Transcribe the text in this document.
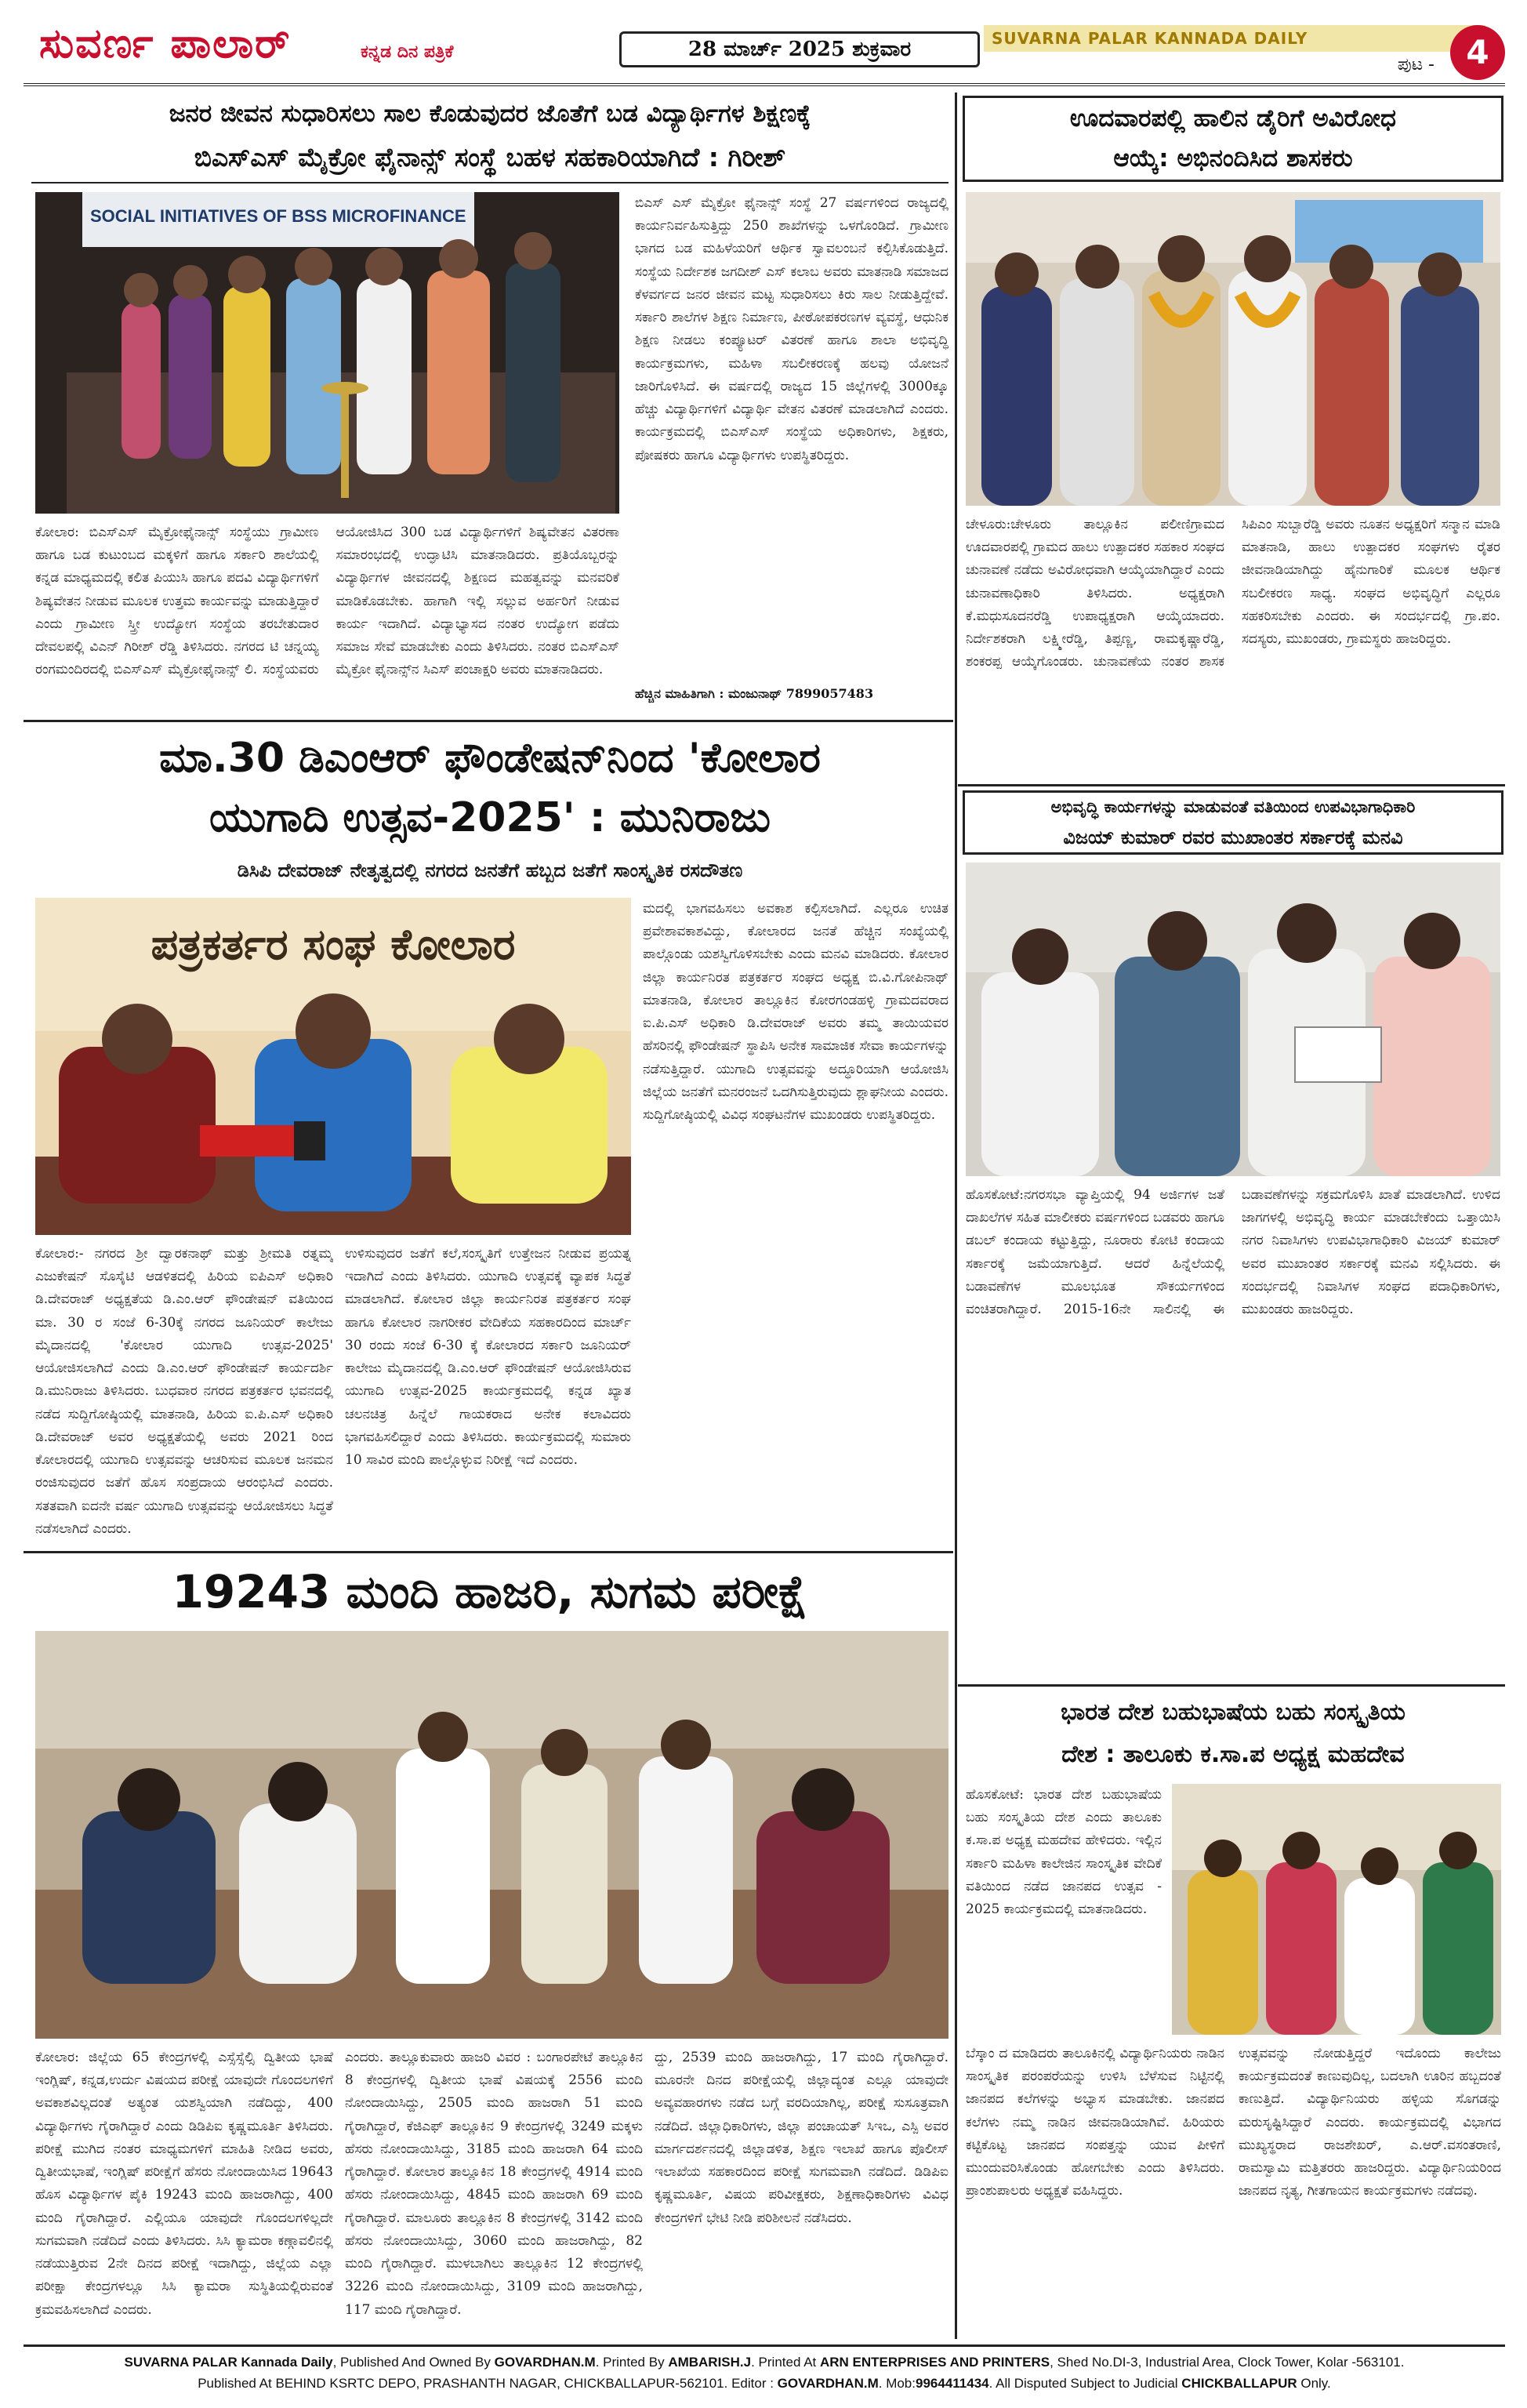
ಸುವರ್ಣ ಪಾಲಾರ್	ಕನ್ನಡ ದಿನ ಪತ್ರಿಕೆ	28 ಮಾರ್ಚ್ 2025 ಶುಕ್ರವಾರ	SUVARNA PALAR KANNADA DAILY
ಪುಟ - 4
ಜನರ ಜೀವನ ಸುಧಾರಿಸಲು ಸಾಲ ಕೊಡುವುದರ ಜೊತೆಗೆ ಬಡ ವಿದ್ಯಾರ್ಥಿಗಳ ಶಿಕ್ಷಣಕ್ಕೆ
ಬಿಎಸ್ಎಸ್ ಮೈಕ್ರೋ ಫೈನಾನ್ಸ್ ಸಂಸ್ಥೆ ಬಹಳ ಸಹಕಾರಿಯಾಗಿದೆ : ಗಿರೀಶ್
SOCIAL INITIATIVES OF BSS MICROFINANCE
ಕೋಲಾರ: ಬಿಎಸ್‌ಎಸ್ ಮೈಕ್ರೋಫೈನಾನ್ಸ್ ಸಂಸ್ಥೆಯು ಗ್ರಾಮೀಣ ಹಾಗೂ ಬಡ ಕುಟುಂಬದ ಮಕ್ಕಳಿಗೆ ಹಾಗೂ ಸರ್ಕಾರಿ ಶಾಲೆಯಲ್ಲಿ ಕನ್ನಡ ಮಾಧ್ಯಮದಲ್ಲಿ ಕಲಿತ ಪಿಯುಸಿ ಹಾಗೂ ಪದವಿ ವಿದ್ಯಾರ್ಥಿಗಳಿಗೆ ಶಿಷ್ಯವೇತನ ನೀಡುವ ಮೂಲಕ ಉತ್ತಮ ಕಾರ್ಯವನ್ನು ಮಾಡುತ್ತಿದ್ದಾರೆ ಎಂದು ಗ್ರಾಮೀಣ ಸ್ತ್ರೀ ಉದ್ಯೋಗ ಸಂಸ್ಥೆಯ ತರಬೇತುದಾರ ದೇವಲಪಲ್ಲಿ ವಿಎನ್ ಗಿರೀಶ್ ರೆಡ್ಡಿ ತಿಳಿಸಿದರು. ನಗರದ ಟಿ ಚನ್ನಯ್ಯ ರಂಗಮಂದಿರದಲ್ಲಿ ಬಿಎಸ್‌ಎಸ್ ಮೈಕ್ರೋಫೈನಾನ್ಸ್ ಲಿ. ಸಂಸ್ಥೆಯವರು ಆಯೋಜಿಸಿದ 300 ಬಡ ವಿದ್ಯಾರ್ಥಿಗಳಿಗೆ ಶಿಷ್ಯವೇತನ ವಿತರಣಾ ಸಮಾರಂಭದಲ್ಲಿ ಉದ್ಘಾಟಿಸಿ ಮಾತನಾಡಿದರು. ಪ್ರತಿಯೊಬ್ಬರನ್ನು ವಿದ್ಯಾರ್ಥಿಗಳ ಜೀವನದಲ್ಲಿ ಶಿಕ್ಷಣದ ಮಹತ್ವವನ್ನು ಮನವರಿಕೆ ಮಾಡಿಕೊಡಬೇಕು. ಹಾಗಾಗಿ ಇಲ್ಲಿ ಸಲ್ಲುವ ಅರ್ಹರಿಗೆ ನೀಡುವ ಕಾರ್ಯ ಇದಾಗಿದೆ. ವಿದ್ಯಾಭ್ಯಾಸದ ನಂತರ ಉದ್ಯೋಗ ಪಡೆದು ಸಮಾಜ ಸೇವೆ ಮಾಡಬೇಕು ಎಂದು ತಿಳಿಸಿದರು. ನಂತರ ಬಿಎಸ್‌ಎಸ್ ಮೈಕ್ರೋ ಫೈನಾನ್ಸ್‌ನ ಸಿಎಸ್ ಪಂಚಾಕ್ಷರಿ ಅವರು ಮಾತನಾಡಿದರು.
ಬಿಎಸ್ ಎಸ್ ಮೈಕ್ರೋ ಫೈನಾನ್ಸ್ ಸಂಸ್ಥೆ 27 ವರ್ಷಗಳಿಂದ ರಾಜ್ಯದಲ್ಲಿ ಕಾರ್ಯನಿರ್ವಹಿಸುತ್ತಿದ್ದು 250 ಶಾಖೆಗಳನ್ನು ಒಳಗೊಂಡಿದೆ. ಗ್ರಾಮೀಣ ಭಾಗದ ಬಡ ಮಹಿಳೆಯರಿಗೆ ಆರ್ಥಿಕ ಸ್ವಾವಲಂಬನೆ ಕಲ್ಪಿಸಿಕೊಡುತ್ತಿದೆ. ಸಂಸ್ಥೆಯ ನಿರ್ದೇಶಕ ಜಗದೀಶ್ ಎಸ್ ಕಲಾಬ ಅವರು ಮಾತನಾಡಿ ಸಮಾಜದ ಕೆಳವರ್ಗದ ಜನರ ಜೀವನ ಮಟ್ಟ ಸುಧಾರಿಸಲು ಕಿರು ಸಾಲ ನೀಡುತ್ತಿದ್ದೇವೆ. ಸರ್ಕಾರಿ ಶಾಲೆಗಳ ಶಿಕ್ಷಣ ನಿರ್ಮಾಣ, ಪೀಠೋಪಕರಣಗಳ ವ್ಯವಸ್ಥೆ, ಆಧುನಿಕ ಶಿಕ್ಷಣ ನೀಡಲು ಕಂಪ್ಯೂಟರ್ ವಿತರಣೆ ಹಾಗೂ ಶಾಲಾ ಅಭಿವೃದ್ಧಿ ಕಾರ್ಯಕ್ರಮಗಳು, ಮಹಿಳಾ ಸಬಲೀಕರಣಕ್ಕೆ ಹಲವು ಯೋಜನೆ ಜಾರಿಗೊಳಿಸಿದೆ. ಈ ವರ್ಷದಲ್ಲಿ ರಾಜ್ಯದ 15 ಜಿಲ್ಲೆಗಳಲ್ಲಿ 3000ಕ್ಕೂ ಹೆಚ್ಚು ವಿದ್ಯಾರ್ಥಿಗಳಿಗೆ ವಿದ್ಯಾರ್ಥಿ ವೇತನ ವಿತರಣೆ ಮಾಡಲಾಗಿದೆ ಎಂದರು. ಕಾರ್ಯಕ್ರಮದಲ್ಲಿ ಬಿಎಸ್‌ಎಸ್ ಸಂಸ್ಥೆಯ ಅಧಿಕಾರಿಗಳು, ಶಿಕ್ಷಕರು, ಪೋಷಕರು ಹಾಗೂ ವಿದ್ಯಾರ್ಥಿಗಳು ಉಪಸ್ಥಿತರಿದ್ದರು.
ಹೆಚ್ಚಿನ ಮಾಹಿತಿಗಾಗಿ : ಮಂಜುನಾಥ್ 7899057483
ಊದವಾರಪಲ್ಲಿ ಹಾಲಿನ ಡೈರಿಗೆ ಅವಿರೋಧ
ಆಯ್ಕೆ: ಅಭಿನಂದಿಸಿದ ಶಾಸಕರು
ಚೇಳೂರು:ಚೇಳೂರು ತಾಲ್ಲೂಕಿನ ಪಲೀಣಿಗ್ರಾಮದ ಊದವಾರಪಲ್ಲಿ ಗ್ರಾಮದ ಹಾಲು ಉತ್ಪಾದಕರ ಸಹಕಾರ ಸಂಘದ ಚುನಾವಣೆ ನಡೆದು ಅವಿರೋಧವಾಗಿ ಆಯ್ಕೆಯಾಗಿದ್ದಾರೆ ಎಂದು ಚುನಾವಣಾಧಿಕಾರಿ ತಿಳಿಸಿದರು. ಅಧ್ಯಕ್ಷರಾಗಿ ಕೆ.ಮಧುಸೂದನರೆಡ್ಡಿ ಉಪಾಧ್ಯಕ್ಷರಾಗಿ ಆಯ್ಕೆಯಾದರು. ನಿರ್ದೇಶಕರಾಗಿ ಲಕ್ಷ್ಮೀರೆಡ್ಡಿ, ತಿಪ್ಪಣ್ಣ, ರಾಮಕೃಷ್ಣಾರೆಡ್ಡಿ, ಶಂಕರಪ್ಪ ಆಯ್ಕೆಗೊಂಡರು. ಚುನಾವಣೆಯ ನಂತರ ಶಾಸಕ ಸಿಪಿಎಂ ಸುಬ್ಬಾರೆಡ್ಡಿ ಅವರು ನೂತನ ಅಧ್ಯಕ್ಷರಿಗೆ ಸನ್ಮಾನ ಮಾಡಿ ಮಾತನಾಡಿ, ಹಾಲು ಉತ್ಪಾದಕರ ಸಂಘಗಳು ರೈತರ ಜೀವನಾಡಿಯಾಗಿದ್ದು ಹೈನುಗಾರಿಕೆ ಮೂಲಕ ಆರ್ಥಿಕ ಸಬಲೀಕರಣ ಸಾಧ್ಯ. ಸಂಘದ ಅಭಿವೃದ್ಧಿಗೆ ಎಲ್ಲರೂ ಸಹಕರಿಸಬೇಕು ಎಂದರು. ಈ ಸಂದರ್ಭದಲ್ಲಿ ಗ್ರಾ.ಪಂ. ಸದಸ್ಯರು, ಮುಖಂಡರು, ಗ್ರಾಮಸ್ಥರು ಹಾಜರಿದ್ದರು.
ಮಾ.30 ಡಿಎಂಆರ್ ಫೌಂಡೇಷನ್‌ನಿಂದ 'ಕೋಲಾರ
ಯುಗಾದಿ ಉತ್ಸವ-2025' : ಮುನಿರಾಜು
ಡಿಸಿಪಿ ದೇವರಾಜ್ ನೇತೃತ್ವದಲ್ಲಿ ನಗರದ ಜನತೆಗೆ ಹಬ್ಬದ ಜತೆಗೆ ಸಾಂಸ್ಕೃತಿಕ ರಸದೌತಣ
ಪತ್ರಕರ್ತರ ಸಂಘ ಕೋಲಾರ
ಕೋಲಾರ:- ನಗರದ ಶ್ರೀ ದ್ವಾರಕನಾಥ್ ಮತ್ತು ಶ್ರೀಮತಿ ರತ್ನಮ್ಮ ಎಜುಕೇಷನ್ ಸೊಸೈಟಿ ಆಡಳಿತದಲ್ಲಿ ಹಿರಿಯ ಐಪಿಎಸ್ ಅಧಿಕಾರಿ ಡಿ.ದೇವರಾಜ್ ಅಧ್ಯಕ್ಷತೆಯ ಡಿ.ಎಂ.ಆರ್ ಫೌಂಡೇಷನ್ ವತಿಯಿಂದ ಮಾ. 30 ರ ಸಂಜೆ 6-30ಕ್ಕೆ ನಗರದ ಜೂನಿಯರ್ ಕಾಲೇಜು ಮೈದಾನದಲ್ಲಿ 'ಕೋಲಾರ ಯುಗಾದಿ ಉತ್ಸವ-2025' ಆಯೋಜಿಸಲಾಗಿದೆ ಎಂದು ಡಿ.ಎಂ.ಆರ್ ಫೌಂಡೇಷನ್ ಕಾರ್ಯದರ್ಶಿ ಡಿ.ಮುನಿರಾಜು ತಿಳಿಸಿದರು. ಬುಧವಾರ ನಗರದ ಪತ್ರಕರ್ತರ ಭವನದಲ್ಲಿ ನಡೆದ ಸುದ್ದಿಗೋಷ್ಠಿಯಲ್ಲಿ ಮಾತನಾಡಿ, ಹಿರಿಯ ಐ.ಪಿ.ಎಸ್ ಅಧಿಕಾರಿ ಡಿ.ದೇವರಾಜ್ ಅವರ ಅಧ್ಯಕ್ಷತೆಯಲ್ಲಿ ಅವರು 2021 ರಿಂದ ಕೋಲಾರದಲ್ಲಿ ಯುಗಾದಿ ಉತ್ಸವವನ್ನು ಆಚರಿಸುವ ಮೂಲಕ ಜನಮನ ರಂಜಿಸುವುದರ ಜತೆಗೆ ಹೊಸ ಸಂಪ್ರದಾಯ ಆರಂಭಿಸಿದೆ ಎಂದರು. ಸತತವಾಗಿ ಐದನೇ ವರ್ಷ ಯುಗಾದಿ ಉತ್ಸವವನ್ನು ಆಯೋಜಿಸಲು ಸಿದ್ಧತೆ ನಡೆಸಲಾಗಿದೆ ಎಂದರು.
ಉಳಿಸುವುದರ ಜತೆಗೆ ಕಲೆ,ಸಂಸ್ಕೃತಿಗೆ ಉತ್ತೇಜನ ನೀಡುವ ಪ್ರಯತ್ನ ಇದಾಗಿದೆ ಎಂದು ತಿಳಿಸಿದರು. ಯುಗಾದಿ ಉತ್ಸವಕ್ಕೆ ವ್ಯಾಪಕ ಸಿದ್ಧತೆ ಮಾಡಲಾಗಿದೆ. ಕೋಲಾರ ಜಿಲ್ಲಾ ಕಾರ್ಯನಿರತ ಪತ್ರಕರ್ತರ ಸಂಘ ಹಾಗೂ ಕೋಲಾರ ನಾಗರೀಕರ ವೇದಿಕೆಯ ಸಹಕಾರದಿಂದ ಮಾರ್ಚ್ 30 ರಂದು ಸಂಜೆ 6-30 ಕ್ಕೆ ಕೋಲಾರದ ಸರ್ಕಾರಿ ಜೂನಿಯರ್ ಕಾಲೇಜು ಮೈದಾನದಲ್ಲಿ ಡಿ.ಎಂ.ಆರ್ ಫೌಂಡೇಷನ್ ಆಯೋಜಿಸಿರುವ ಯುಗಾದಿ ಉತ್ಸವ-2025 ಕಾರ್ಯಕ್ರಮದಲ್ಲಿ ಕನ್ನಡ ಖ್ಯಾತ ಚಲನಚಿತ್ರ ಹಿನ್ನೆಲೆ ಗಾಯಕರಾದ ಅನೇಕ ಕಲಾವಿದರು ಭಾಗವಹಿಸಲಿದ್ದಾರೆ ಎಂದು ತಿಳಿಸಿದರು. ಕಾರ್ಯಕ್ರಮದಲ್ಲಿ ಸುಮಾರು 10 ಸಾವಿರ ಮಂದಿ ಪಾಲ್ಗೊಳ್ಳುವ ನಿರೀಕ್ಷೆ ಇದೆ ಎಂದರು.
ಮದಲ್ಲಿ ಭಾಗವಹಿಸಲು ಅವಕಾಶ ಕಲ್ಪಿಸಲಾಗಿದೆ. ಎಲ್ಲರೂ ಉಚಿತ ಪ್ರವೇಶಾವಕಾಶವಿದ್ದು, ಕೋಲಾರದ ಜನತೆ ಹೆಚ್ಚಿನ ಸಂಖ್ಯೆಯಲ್ಲಿ ಪಾಲ್ಗೊಂಡು ಯಶಸ್ವಿಗೊಳಿಸಬೇಕು ಎಂದು ಮನವಿ ಮಾಡಿದರು. ಕೋಲಾರ ಜಿಲ್ಲಾ ಕಾರ್ಯನಿರತ ಪತ್ರಕರ್ತರ ಸಂಘದ ಅಧ್ಯಕ್ಷ ಬಿ.ವಿ.ಗೋಪಿನಾಥ್ ಮಾತನಾಡಿ, ಕೋಲಾರ ತಾಲ್ಲೂಕಿನ ಕೋರಗಂಡಹಳ್ಳಿ ಗ್ರಾಮದವರಾದ ಐ.ಪಿ.ಎಸ್ ಅಧಿಕಾರಿ ಡಿ.ದೇವರಾಜ್ ಅವರು ತಮ್ಮ ತಾಯಿಯವರ ಹೆಸರಿನಲ್ಲಿ ಫೌಂಡೇಷನ್ ಸ್ಥಾಪಿಸಿ ಅನೇಕ ಸಾಮಾಜಿಕ ಸೇವಾ ಕಾರ್ಯಗಳನ್ನು ನಡೆಸುತ್ತಿದ್ದಾರೆ. ಯುಗಾದಿ ಉತ್ಸವವನ್ನು ಅದ್ಧೂರಿಯಾಗಿ ಆಯೋಜಿಸಿ ಜಿಲ್ಲೆಯ ಜನತೆಗೆ ಮನರಂಜನೆ ಒದಗಿಸುತ್ತಿರುವುದು ಶ್ಲಾಘನೀಯ ಎಂದರು. ಸುದ್ದಿಗೋಷ್ಠಿಯಲ್ಲಿ ವಿವಿಧ ಸಂಘಟನೆಗಳ ಮುಖಂಡರು ಉಪಸ್ಥಿತರಿದ್ದರು.
ಅಭಿವೃದ್ಧಿ ಕಾರ್ಯಗಳನ್ನು ಮಾಡುವಂತೆ ವತಿಯಿಂದ ಉಪವಿಭಾಗಾಧಿಕಾರಿ
ವಿಜಯ್ ಕುಮಾರ್ ರವರ ಮುಖಾಂತರ ಸರ್ಕಾರಕ್ಕೆ ಮನವಿ
ಹೊಸಕೋಟೆ:ನಗರಸಭಾ ವ್ಯಾಪ್ತಿಯಲ್ಲಿ 94 ಅರ್ಜಿಗಳ ಜತೆ ದಾಖಲೆಗಳ ಸಹಿತ ಮಾಲೀಕರು ವರ್ಷಗಳಿಂದ ಬಡವರು ಹಾಗೂ ಡಬಲ್ ಕಂದಾಯ ಕಟ್ಟುತ್ತಿದ್ದು, ನೂರಾರು ಕೋಟಿ ಕಂದಾಯ ಸರ್ಕಾರಕ್ಕೆ ಜಮೆಯಾಗುತ್ತಿದೆ. ಆದರೆ ಹಿನ್ನೆಲೆಯಲ್ಲಿ ಬಡಾವಣೆಗಳ ಮೂಲಭೂತ ಸೌಕರ್ಯಗಳಿಂದ ವಂಚಿತರಾಗಿದ್ದಾರೆ. 2015-16ನೇ ಸಾಲಿನಲ್ಲಿ ಈ ಬಡಾವಣೆಗಳನ್ನು ಸಕ್ರಮಗೊಳಿಸಿ ಖಾತೆ ಮಾಡಲಾಗಿದೆ. ಉಳಿದ ಜಾಗಗಳಲ್ಲಿ ಅಭಿವೃದ್ಧಿ ಕಾರ್ಯ ಮಾಡಬೇಕೆಂದು ಒತ್ತಾಯಿಸಿ ನಗರ ನಿವಾಸಿಗಳು ಉಪವಿಭಾಗಾಧಿಕಾರಿ ವಿಜಯ್ ಕುಮಾರ್ ಅವರ ಮುಖಾಂತರ ಸರ್ಕಾರಕ್ಕೆ ಮನವಿ ಸಲ್ಲಿಸಿದರು. ಈ ಸಂದರ್ಭದಲ್ಲಿ ನಿವಾಸಿಗಳ ಸಂಘದ ಪದಾಧಿಕಾರಿಗಳು, ಮುಖಂಡರು ಹಾಜರಿದ್ದರು.
19243 ಮಂದಿ ಹಾಜರಿ, ಸುಗಮ ಪರೀಕ್ಷೆ
ಕೋಲಾರ: ಜಿಲ್ಲೆಯ 65 ಕೇಂದ್ರಗಳಲ್ಲಿ ಎಸ್ಸೆಸ್ಸೆಲ್ಸಿ ದ್ವಿತೀಯ ಭಾಷೆ ಇಂಗ್ಲಿಷ್, ಕನ್ನಡ,ಉರ್ದು ವಿಷಯದ ಪರೀಕ್ಷೆ ಯಾವುದೇ ಗೊಂದಲಗಳಿಗೆ ಅವಕಾಶವಿಲ್ಲದಂತೆ ಅತ್ಯಂತ ಯಶಸ್ವಿಯಾಗಿ ನಡೆದಿದ್ದು, 400 ವಿದ್ಯಾರ್ಥಿಗಳು ಗೈರಾಗಿದ್ದಾರೆ ಎಂದು ಡಿಡಿಪಿಐ ಕೃಷ್ಣಮೂರ್ತಿ ತಿಳಿಸಿದರು. ಪರೀಕ್ಷೆ ಮುಗಿದ ನಂತರ ಮಾಧ್ಯಮಗಳಿಗೆ ಮಾಹಿತಿ ನೀಡಿದ ಅವರು, ದ್ವಿತೀಯಭಾಷೆ, ಇಂಗ್ಲಿಷ್ ಪರೀಕ್ಷೆಗೆ ಹೆಸರು ನೋಂದಾಯಿಸಿದ 19643 ಹೊಸ ವಿದ್ಯಾರ್ಥಿಗಳ ಪೈಕಿ 19243 ಮಂದಿ ಹಾಜರಾಗಿದ್ದು, 400 ಮಂದಿ ಗೈರಾಗಿದ್ದಾರೆ. ಎಲ್ಲಿಯೂ ಯಾವುದೇ ಗೊಂದಲಗಳಿಲ್ಲದೇ ಸುಗಮವಾಗಿ ನಡೆದಿದೆ ಎಂದು ತಿಳಿಸಿದರು. ಸಿಸಿ ಕ್ಯಾಮರಾ ಕಣ್ಗಾವಲಿನಲ್ಲಿ ನಡೆಯುತ್ತಿರುವ 2ನೇ ದಿನದ ಪರೀಕ್ಷೆ ಇದಾಗಿದ್ದು, ಜಿಲ್ಲೆಯ ಎಲ್ಲಾ ಪರೀಕ್ಷಾ ಕೇಂದ್ರಗಳಲ್ಲೂ ಸಿಸಿ ಕ್ಯಾಮರಾ ಸುಸ್ಥಿತಿಯಲ್ಲಿರುವಂತೆ ಕ್ರಮವಹಿಸಲಾಗಿದೆ ಎಂದರು.
ಎಂದರು. ತಾಲ್ಲೂಕುವಾರು ಹಾಜರಿ ವಿವರ : ಬಂಗಾರಪೇಟೆ ತಾಲ್ಲೂಕಿನ 8 ಕೇಂದ್ರಗಳಲ್ಲಿ ದ್ವಿತೀಯ ಭಾಷೆ ವಿಷಯಕ್ಕೆ 2556 ಮಂದಿ ನೋಂದಾಯಿಸಿದ್ದು, 2505 ಮಂದಿ ಹಾಜರಾಗಿ 51 ಮಂದಿ ಗೈರಾಗಿದ್ದಾರೆ, ಕೆಜಿಎಫ್ ತಾಲ್ಲೂಕಿನ 9 ಕೇಂದ್ರಗಳಲ್ಲಿ 3249 ಮಕ್ಕಳು ಹೆಸರು ನೋಂದಾಯಿಸಿದ್ದು, 3185 ಮಂದಿ ಹಾಜರಾಗಿ 64 ಮಂದಿ ಗೈರಾಗಿದ್ದಾರೆ. ಕೋಲಾರ ತಾಲ್ಲೂಕಿನ 18 ಕೇಂದ್ರಗಳಲ್ಲಿ 4914 ಮಂದಿ ಹೆಸರು ನೋಂದಾಯಿಸಿದ್ದು, 4845 ಮಂದಿ ಹಾಜರಾಗಿ 69 ಮಂದಿ ಗೈರಾಗಿದ್ದಾರೆ. ಮಾಲೂರು ತಾಲ್ಲೂಕಿನ 8 ಕೇಂದ್ರಗಳಲ್ಲಿ 3142 ಮಂದಿ ಹೆಸರು ನೋಂದಾಯಿಸಿದ್ದು, 3060 ಮಂದಿ ಹಾಜರಾಗಿದ್ದು, 82 ಮಂದಿ ಗೈರಾಗಿದ್ದಾರೆ. ಮುಳಬಾಗಿಲು ತಾಲ್ಲೂಕಿನ 12 ಕೇಂದ್ರಗಳಲ್ಲಿ 3226 ಮಂದಿ ನೋಂದಾಯಿಸಿದ್ದು, 3109 ಮಂದಿ ಹಾಜರಾಗಿದ್ದು, 117 ಮಂದಿ ಗೈರಾಗಿದ್ದಾರೆ.
ದ್ದು, 2539 ಮಂದಿ ಹಾಜರಾಗಿದ್ದು, 17 ಮಂದಿ ಗೈರಾಗಿದ್ದಾರೆ. ಮೂರನೇ ದಿನದ ಪರೀಕ್ಷೆಯಲ್ಲಿ ಜಿಲ್ಲಾದ್ಯಂತ ಎಲ್ಲೂ ಯಾವುದೇ ಅವ್ಯವಹಾರಗಳು ನಡೆದ ಬಗ್ಗೆ ವರದಿಯಾಗಿಲ್ಲ, ಪರೀಕ್ಷೆ ಸುಸೂತ್ರವಾಗಿ ನಡೆದಿದೆ. ಜಿಲ್ಲಾಧಿಕಾರಿಗಳು, ಜಿಲ್ಲಾ ಪಂಚಾಯತ್ ಸಿಇಒ, ಎಸ್ಪಿ ಅವರ ಮಾರ್ಗದರ್ಶನದಲ್ಲಿ ಜಿಲ್ಲಾಡಳಿತ, ಶಿಕ್ಷಣ ಇಲಾಖೆ ಹಾಗೂ ಪೊಲೀಸ್ ಇಲಾಖೆಯ ಸಹಕಾರದಿಂದ ಪರೀಕ್ಷೆ ಸುಗಮವಾಗಿ ನಡೆದಿದೆ. ಡಿಡಿಪಿಐ ಕೃಷ್ಣಮೂರ್ತಿ, ವಿಷಯ ಪರಿವೀಕ್ಷಕರು, ಶಿಕ್ಷಣಾಧಿಕಾರಿಗಳು ವಿವಿಧ ಕೇಂದ್ರಗಳಿಗೆ ಭೇಟಿ ನೀಡಿ ಪರಿಶೀಲನೆ ನಡೆಸಿದರು.
ಭಾರತ ದೇಶ ಬಹುಭಾಷೆಯ ಬಹು ಸಂಸ್ಕೃತಿಯ
ದೇಶ : ತಾಲೂಕು ಕ.ಸಾ.ಪ ಅಧ್ಯಕ್ಷ ಮಹದೇವ
ಹೊಸಕೋಟೆ: ಭಾರತ ದೇಶ ಬಹುಭಾಷೆಯ ಬಹು ಸಂಸ್ಕೃತಿಯ ದೇಶ ಎಂದು ತಾಲೂಕು ಕ.ಸಾ.ಪ ಅಧ್ಯಕ್ಷ ಮಹದೇವ ಹೇಳಿದರು. ಇಲ್ಲಿನ ಸರ್ಕಾರಿ ಮಹಿಳಾ ಕಾಲೇಜಿನ ಸಾಂಸ್ಕೃತಿಕ ವೇದಿಕೆ ವತಿಯಿಂದ ನಡೆದ ಜಾನಪದ ಉತ್ಸವ - 2025 ಕಾರ್ಯಕ್ರಮದಲ್ಲಿ ಮಾತನಾಡಿದರು.
ಬೆಸ್ಕಾಂ ದ ಮಾಡಿದರು ತಾಲೂಕಿನಲ್ಲಿ ವಿದ್ಯಾರ್ಥಿನಿಯರು ನಾಡಿನ ಸಾಂಸ್ಕೃತಿಕ ಪರಂಪರೆಯನ್ನು ಉಳಿಸಿ ಬೆಳೆಸುವ ನಿಟ್ಟಿನಲ್ಲಿ ಜಾನಪದ ಕಲೆಗಳನ್ನು ಅಭ್ಯಾಸ ಮಾಡಬೇಕು. ಜಾನಪದ ಕಲೆಗಳು ನಮ್ಮ ನಾಡಿನ ಜೀವನಾಡಿಯಾಗಿವೆ. ಹಿರಿಯರು ಕಟ್ಟಿಕೊಟ್ಟ ಜಾನಪದ ಸಂಪತ್ತನ್ನು ಯುವ ಪೀಳಿಗೆ ಮುಂದುವರಿಸಿಕೊಂಡು ಹೋಗಬೇಕು ಎಂದು ತಿಳಿಸಿದರು. ಪ್ರಾಂಶುಪಾಲರು ಅಧ್ಯಕ್ಷತೆ ವಹಿಸಿದ್ದರು.
ಉತ್ಸವವನ್ನು ನೋಡುತ್ತಿದ್ದರೆ ಇದೊಂದು ಕಾಲೇಜು ಕಾರ್ಯಕ್ರಮದಂತೆ ಕಾಣುವುದಿಲ್ಲ, ಬದಲಾಗಿ ಊರಿನ ಹಬ್ಬದಂತೆ ಕಾಣುತ್ತಿದೆ. ವಿದ್ಯಾರ್ಥಿನಿಯರು ಹಳ್ಳಿಯ ಸೊಗಡನ್ನು ಮರುಸೃಷ್ಟಿಸಿದ್ದಾರೆ ಎಂದರು. ಕಾರ್ಯಕ್ರಮದಲ್ಲಿ ವಿಭಾಗದ ಮುಖ್ಯಸ್ಥರಾದ ರಾಜಶೇಖರ್, ಎ.ಆರ್.ವಸಂತರಾಣಿ, ರಾಮಸ್ವಾಮಿ ಮತ್ತಿತರರು ಹಾಜರಿದ್ದರು. ವಿದ್ಯಾರ್ಥಿನಿಯರಿಂದ ಜಾನಪದ ನೃತ್ಯ, ಗೀತಗಾಯನ ಕಾರ್ಯಕ್ರಮಗಳು ನಡೆದವು.
SUVARNA PALAR Kannada Daily, Published And Owned By GOVARDHAN.M. Printed By AMBARISH.J. Printed At ARN ENTERPRISES AND PRINTERS, Shed No.DI-3, Industrial Area, Clock Tower, Kolar -563101.
Published At BEHIND KSRTC DEPO, PRASHANTH NAGAR, CHICKBALLAPUR-562101. Editor : GOVARDHAN.M. Mob:9964411434. All Disputed Subject to Judicial CHICKBALLAPUR Only.
